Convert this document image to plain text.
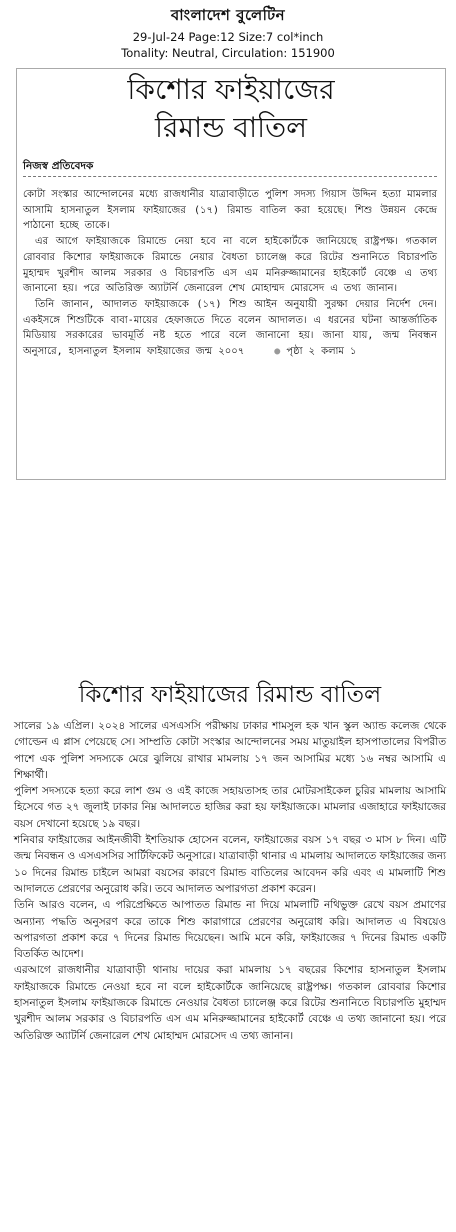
বাংলাদেশ বুলেটিন
29-Jul-24 Page:12 Size:7 col*inch
Tonality: Neutral, Circulation: 151900
কিশোর ফাইয়াজের
রিমান্ড বাতিল
নিজস্ব প্রতিবেদক

কোটা সংস্কার আন্দোলনের মধ্যে রাজধানীর যাত্রাবাড়ীতে পুলিশ সদস্য গিয়াস উদ্দিন হত্যা মামলার আসামি হাসনাতুল ইসলাম ফাইয়াজের (১৭) রিমান্ড বাতিল করা হয়েছে। শিশু উন্নয়ন কেন্দ্রে পাঠানো হচ্ছে তাকে।

এর আগে ফাইয়াজকে রিমান্ডে নেয়া হবে না বলে হাইকোর্টকে জানিয়েছে রাষ্ট্রপক্ষ। গতকাল রোববার কিশোর ফাইয়াজকে রিমান্ডে নেয়ার বৈধতা চ্যালেঞ্জ করে রিটের শুনানিতে বিচারপতি মুহাম্মদ খুরশীদ আলম সরকার ও বিচারপতি এস এম মনিরুজ্জামানের হাইকোর্ট বেঞ্চে এ তথ্য জানানো হয়। পরে অতিরিক্ত অ্যাটর্নি জেনারেল শেখ মোহাম্মদ মোরসেদ এ তথ্য জানান।

তিনি জানান, আদালত ফাইয়াজকে (১৭) শিশু আইন অনুযায়ী সুরক্ষা দেয়ার নির্দেশ দেন। একইসঙ্গে শিশুটিকে বাবা-মায়ের হেফাজতে দিতে বলেন আদালত। এ ধরনের ঘটনা আন্তর্জাতিক মিডিয়ায় সরকারের ভাবমূর্তি নষ্ট হতে পারে বলে জানানো হয়। জানা যায়, জন্ম নিবন্ধন অনুসারে, হাসনাতুল ইসলাম ফাইয়াজের জন্ম ২০০৭	● পৃষ্ঠা ২ কলাম ১

কিশোর ফাইয়াজের রিমান্ড বাতিল

সালের ১৯ এপ্রিল। ২০২৪ সালের এসএসসি পরীক্ষায় ঢাকার শামসুল হক খান স্কুল অ্যান্ড কলেজ থেকে গোল্ডেন এ প্লাস পেয়েছে সে। সাম্প্রতি কোটা সংস্কার আন্দোলনের সময় মাতুয়াইল হাসপাতালের বিপরীত পাশে এক পুলিশ সদস্যকে মেরে ঝুলিয়ে রাখার মামলায় ১৭ জন আসামির মধ্যে ১৬ নম্বর আসামি এ শিক্ষার্থী।

পুলিশ সদস্যকে হত্যা করে লাশ গুম ও এই কাজে সহায়তাসহ তার মোটরসাইকেল চুরির মামলায় আসামি হিসেবে গত ২৭ জুলাই ঢাকার নিম্ন আদালতে হাজির করা হয় ফাইয়াজকে। মামলার এজাহারে ফাইয়াজের বয়স দেখানো হয়েছে ১৯ বছর।

শনিবার ফাইয়াজের আইনজীবী ইশতিয়াক হোসেন বলেন, ফাইয়াজের বয়স ১৭ বছর ৩ মাস ৮ দিন। এটি জন্ম নিবন্ধন ও এসএসসির সার্টিফিকেট অনুসারে। যাত্রাবাড়ী থানার এ মামলায় আদালতে ফাইয়াজের জন্য ১০ দিনের রিমান্ড চাইলে আমরা বয়সের কারণে রিমান্ড বাতিলের আবেদন করি এবং এ মামলাটি শিশু আদালতে প্রেরণের অনুরোধ করি। তবে আদালত অপারগতা প্রকাশ করেন।

তিনি আরও বলেন, এ পরিপ্রেক্ষিতে আপাতত রিমান্ড না দিয়ে মামলাটি নথিভুক্ত রেখে বয়স প্রমাণের অন্যান্য পদ্ধতি অনুসরণ করে তাকে শিশু কারাগারে প্রেরণের অনুরোধ করি। আদালত এ বিষয়েও অপারগতা প্রকাশ করে ৭ দিনের রিমান্ড দিয়েছেন। আমি মনে করি, ফাইয়াজের ৭ দিনের রিমান্ড একটি বিতর্কিত আদেশ।

এরআগে রাজধানীর যাত্রাবাড়ী থানায় দায়ের করা মামলায় ১৭ বছরের কিশোর হাসনাতুল ইসলাম ফাইয়াজকে রিমান্ডে নেওয়া হবে না বলে হাইকোর্টকে জানিয়েছে রাষ্ট্রপক্ষ। গতকাল রোববার কিশোর হাসনাতুল ইসলাম ফাইয়াজকে রিমান্ডে নেওয়ার বৈধতা চ্যালেঞ্জ করে রিটের শুনানিতে বিচারপতি মুহাম্মদ খুরশীদ আলম সরকার ও বিচারপতি এস এম মনিরুজ্জামানের হাইকোর্ট বেঞ্চে এ তথ্য জানানো হয়। পরে অতিরিক্ত অ্যাটর্নি জেনারেল শেখ মোহাম্মদ মোরসেদ এ তথ্য জানান।
